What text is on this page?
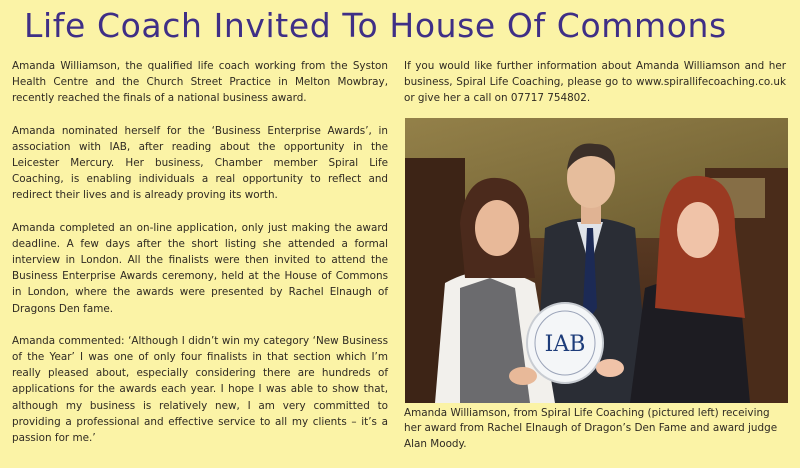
Life Coach Invited To House Of Commons

Amanda Williamson, the qualified life coach working from the Syston Health Centre and the Church Street Practice in Melton Mowbray, recently reached the finals of a national business award.

Amanda nominated herself for the ‘Business Enterprise Awards’, in association with IAB, after reading about the opportunity in the Leicester Mercury. Her business, Chamber member Spiral Life Coaching, is enabling individuals a real opportunity to reflect and redirect their lives and is already proving its worth.

Amanda completed an on-line application, only just making the award deadline. A few days after the short listing she attended a formal interview in London. All the finalists were then invited to attend the Business Enterprise Awards ceremony, held at the House of Commons in London, where the awards were presented by Rachel Elnaugh of Dragons Den fame.

Amanda commented: ‘Although I didn’t win my category ‘New Business of the Year’ I was one of only four finalists in that section which I’m really pleased about, especially considering there are hundreds of applications for the awards each year. I hope I was able to show that, although my business is relatively new, I am very committed to providing a professional and effective service to all my clients – it’s a passion for me.’

If you would like further information about Amanda Williamson and her business, Spiral Life Coaching, please go to www.spirallifecoaching.co.uk or give her a call on 07717 754802.

IAB
Amanda Williamson, from Spiral Life Coaching (pictured left) receiving her award from Rachel Elnaugh of Dragon’s Den Fame and award judge Alan Moody.
